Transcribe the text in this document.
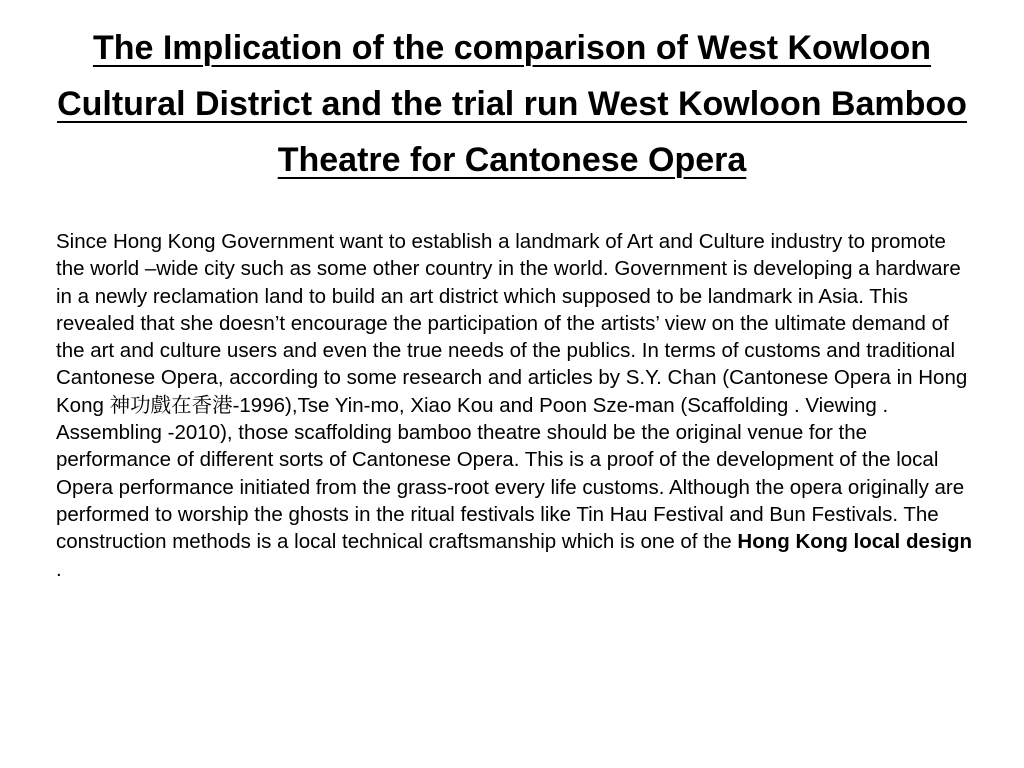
The Implication of the comparison of West Kowloon Cultural District and the trial run West Kowloon Bamboo Theatre for Cantonese Opera
Since Hong Kong Government want to establish a landmark of Art and Culture industry to promote the world –wide city such as some other country in the world. Government is developing a hardware in a newly reclamation land to build an art district which supposed to be landmark in Asia. This revealed that she doesn’t encourage the participation of the artists’ view on the ultimate demand of the art and culture users and even the true needs of the publics. In terms of customs and traditional Cantonese Opera, according to some research and articles by S.Y. Chan (Cantonese Opera in Hong Kong 神功戲在香港-1996),Tse Yin-mo, Xiao Kou and Poon Sze-man (Scaffolding . Viewing . Assembling -2010), those scaffolding bamboo theatre should be the original venue for the performance of different sorts of Cantonese Opera. This is a proof of the development of the local Opera performance initiated from the grass-root every life customs. Although the opera originally are performed to worship the ghosts in the ritual festivals like Tin Hau Festival and Bun Festivals. The construction methods is a local technical craftsmanship which is one of the Hong Kong local design .
